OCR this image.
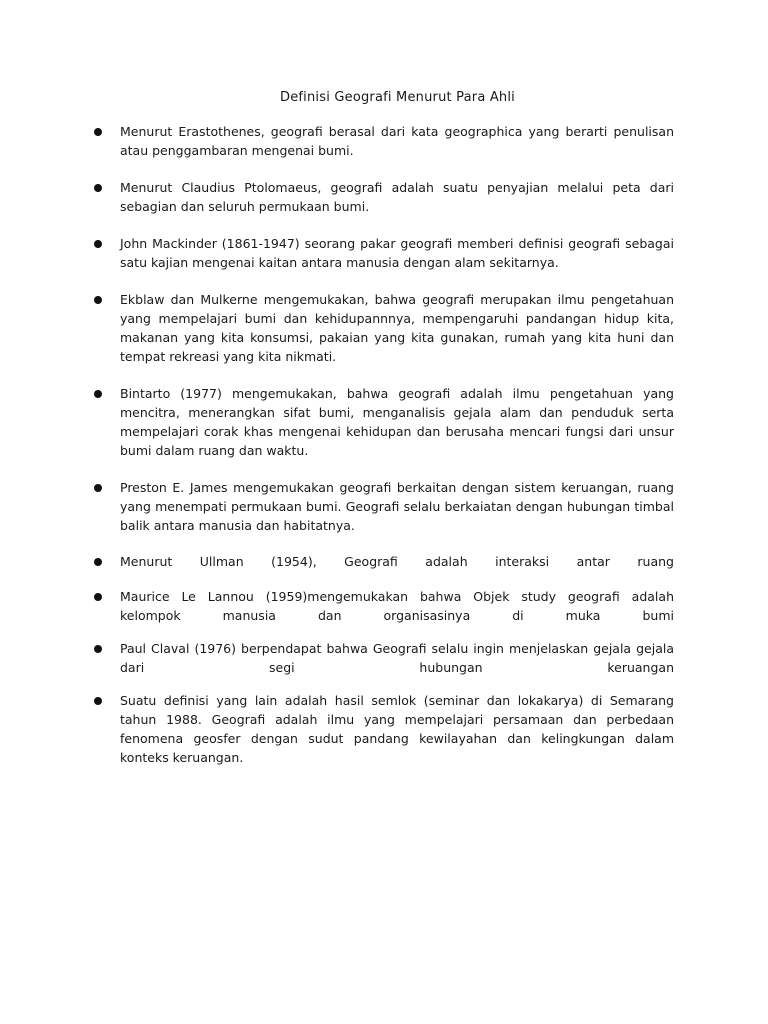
Definisi Geografi Menurut Para Ahli
Menurut Erastothenes, geografi berasal dari kata geographica yang berarti penulisan atau penggambaran mengenai bumi.
Menurut Claudius Ptolomaeus, geografi adalah suatu penyajian melalui peta dari sebagian dan seluruh permukaan bumi.
John Mackinder (1861-1947) seorang pakar geografi memberi definisi geografi sebagai satu kajian mengenai kaitan antara manusia dengan alam sekitarnya.
Ekblaw dan Mulkerne mengemukakan, bahwa geografi merupakan ilmu pengetahuan yang mempelajari bumi dan kehidupannnya, mempengaruhi pandangan hidup kita, makanan yang kita konsumsi, pakaian yang kita gunakan, rumah yang kita huni dan tempat rekreasi yang kita nikmati.
Bintarto (1977) mengemukakan, bahwa geografi adalah ilmu pengetahuan yang mencitra, menerangkan sifat bumi, menganalisis gejala alam dan penduduk serta mempelajari corak khas mengenai kehidupan dan berusaha mencari fungsi dari unsur bumi dalam ruang dan waktu.
Preston E. James mengemukakan geografi berkaitan dengan sistem keruangan, ruang yang menempati permukaan bumi. Geografi selalu berkaiatan dengan hubungan timbal balik antara manusia dan habitatnya.
Menurut Ullman (1954), Geografi adalah interaksi antar ruang
Maurice Le Lannou (1959)mengemukakan bahwa Objek study geografi adalah kelompok manusia dan organisasinya di muka bumi
Paul Claval (1976) berpendapat bahwa Geografi selalu ingin menjelaskan gejala gejala dari segi hubungan keruangan
Suatu definisi yang lain adalah hasil semlok (seminar dan lokakarya) di Semarang tahun 1988. Geografi adalah ilmu yang mempelajari persamaan dan perbedaan fenomena geosfer dengan sudut pandang kewilayahan dan kelingkungan dalam konteks keruangan.
